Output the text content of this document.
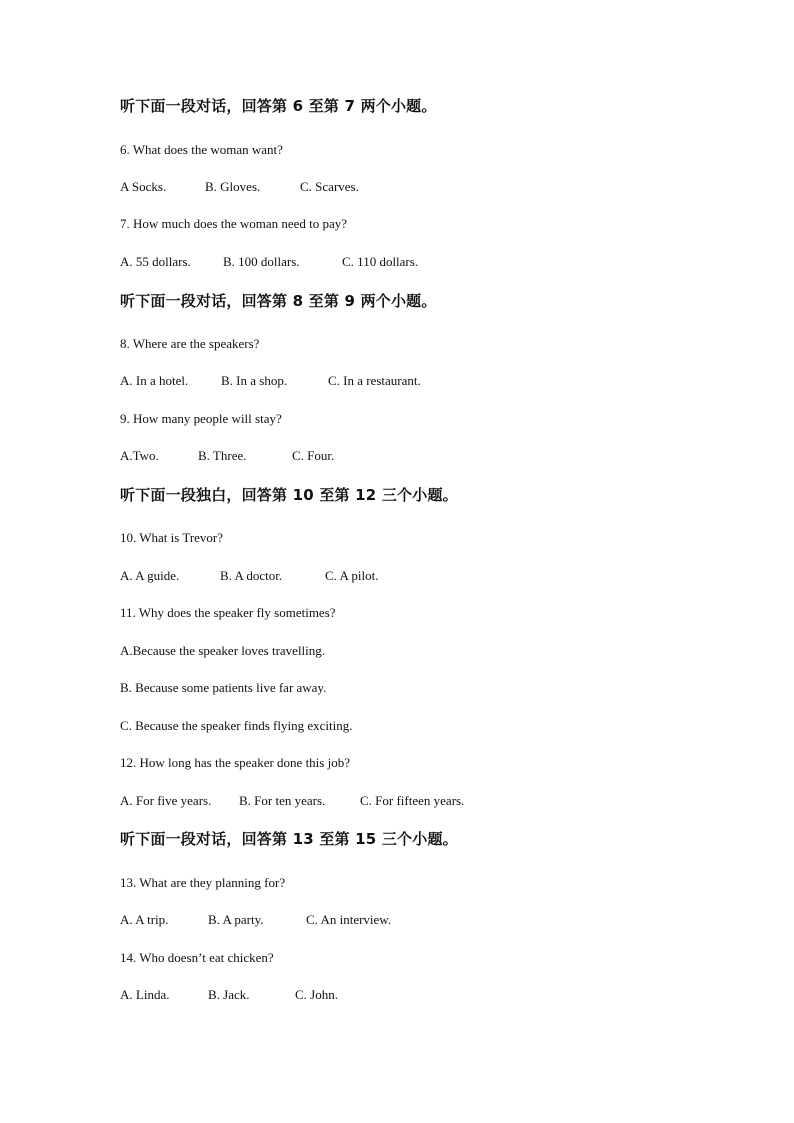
听下面一段对话，回答第 6 至第 7 两个小题。
6. What does the woman want?
A Socks.	B. Gloves.	C. Scarves.
7. How much does the woman need to pay?
A. 55 dollars. B. 100 dollars.	C. 110 dollars.
听下面一段对话，回答第 8 至第 9 两个小题。
8. Where are the speakers?
A. In a hotel.	B. In a shop.	C. In a restaurant.
9. How many people will stay?
A.Two.	B. Three.	C. Four.
听下面一段独白，回答第 10 至第 12 三个小题。
10. What is Trevor?
A. A guide.	B. A doctor.	C. A pilot.
11. Why does the speaker fly sometimes?
A.Because the speaker loves travelling.
B. Because some patients live far away.
C. Because the speaker finds flying exciting.
12. How long has the speaker done this job?
A. For five years. B. For ten years.	C. For fifteen years.
听下面一段对话，回答第 13 至第 15 三个小题。
13. What are they planning for?
A. A trip.	B. A party.	C. An interview.
14. Who doesn’t eat chicken?
A. Linda.	B. Jack.	C. John.
